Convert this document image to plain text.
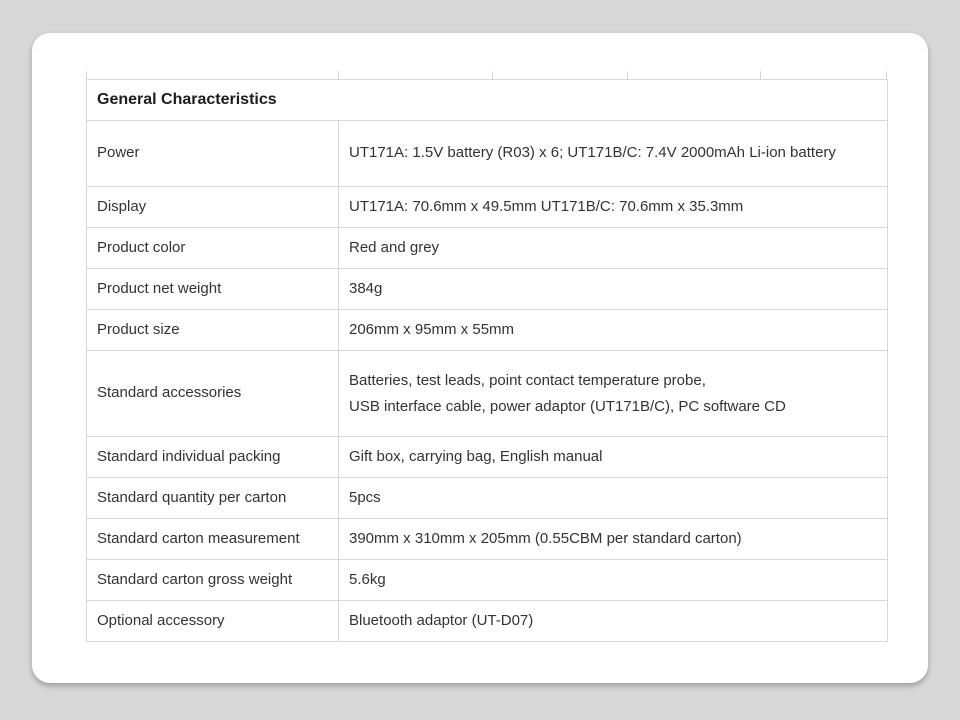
General Characteristics	
Power	UT171A: 1.5V battery (R03) x 6; UT171B/C: 7.4V 2000mAh Li-ion battery
Display	UT171A: 70.6mm x 49.5mm UT171B/C: 70.6mm x 35.3mm
Product color	Red and grey
Product net weight	384g
Product size	206mm x 95mm x 55mm
Standard accessories	Batteries, test leads, point contact temperature probe,
USB interface cable, power adaptor (UT171B/C), PC software CD

Standard individual packing	Gift box, carrying bag, English manual
Standard quantity per carton	5pcs
Standard carton measurement	390mm x 310mm x 205mm (0.55CBM per standard carton)
Standard carton gross weight	5.6kg
Optional accessory	Bluetooth adaptor (UT-D07)
